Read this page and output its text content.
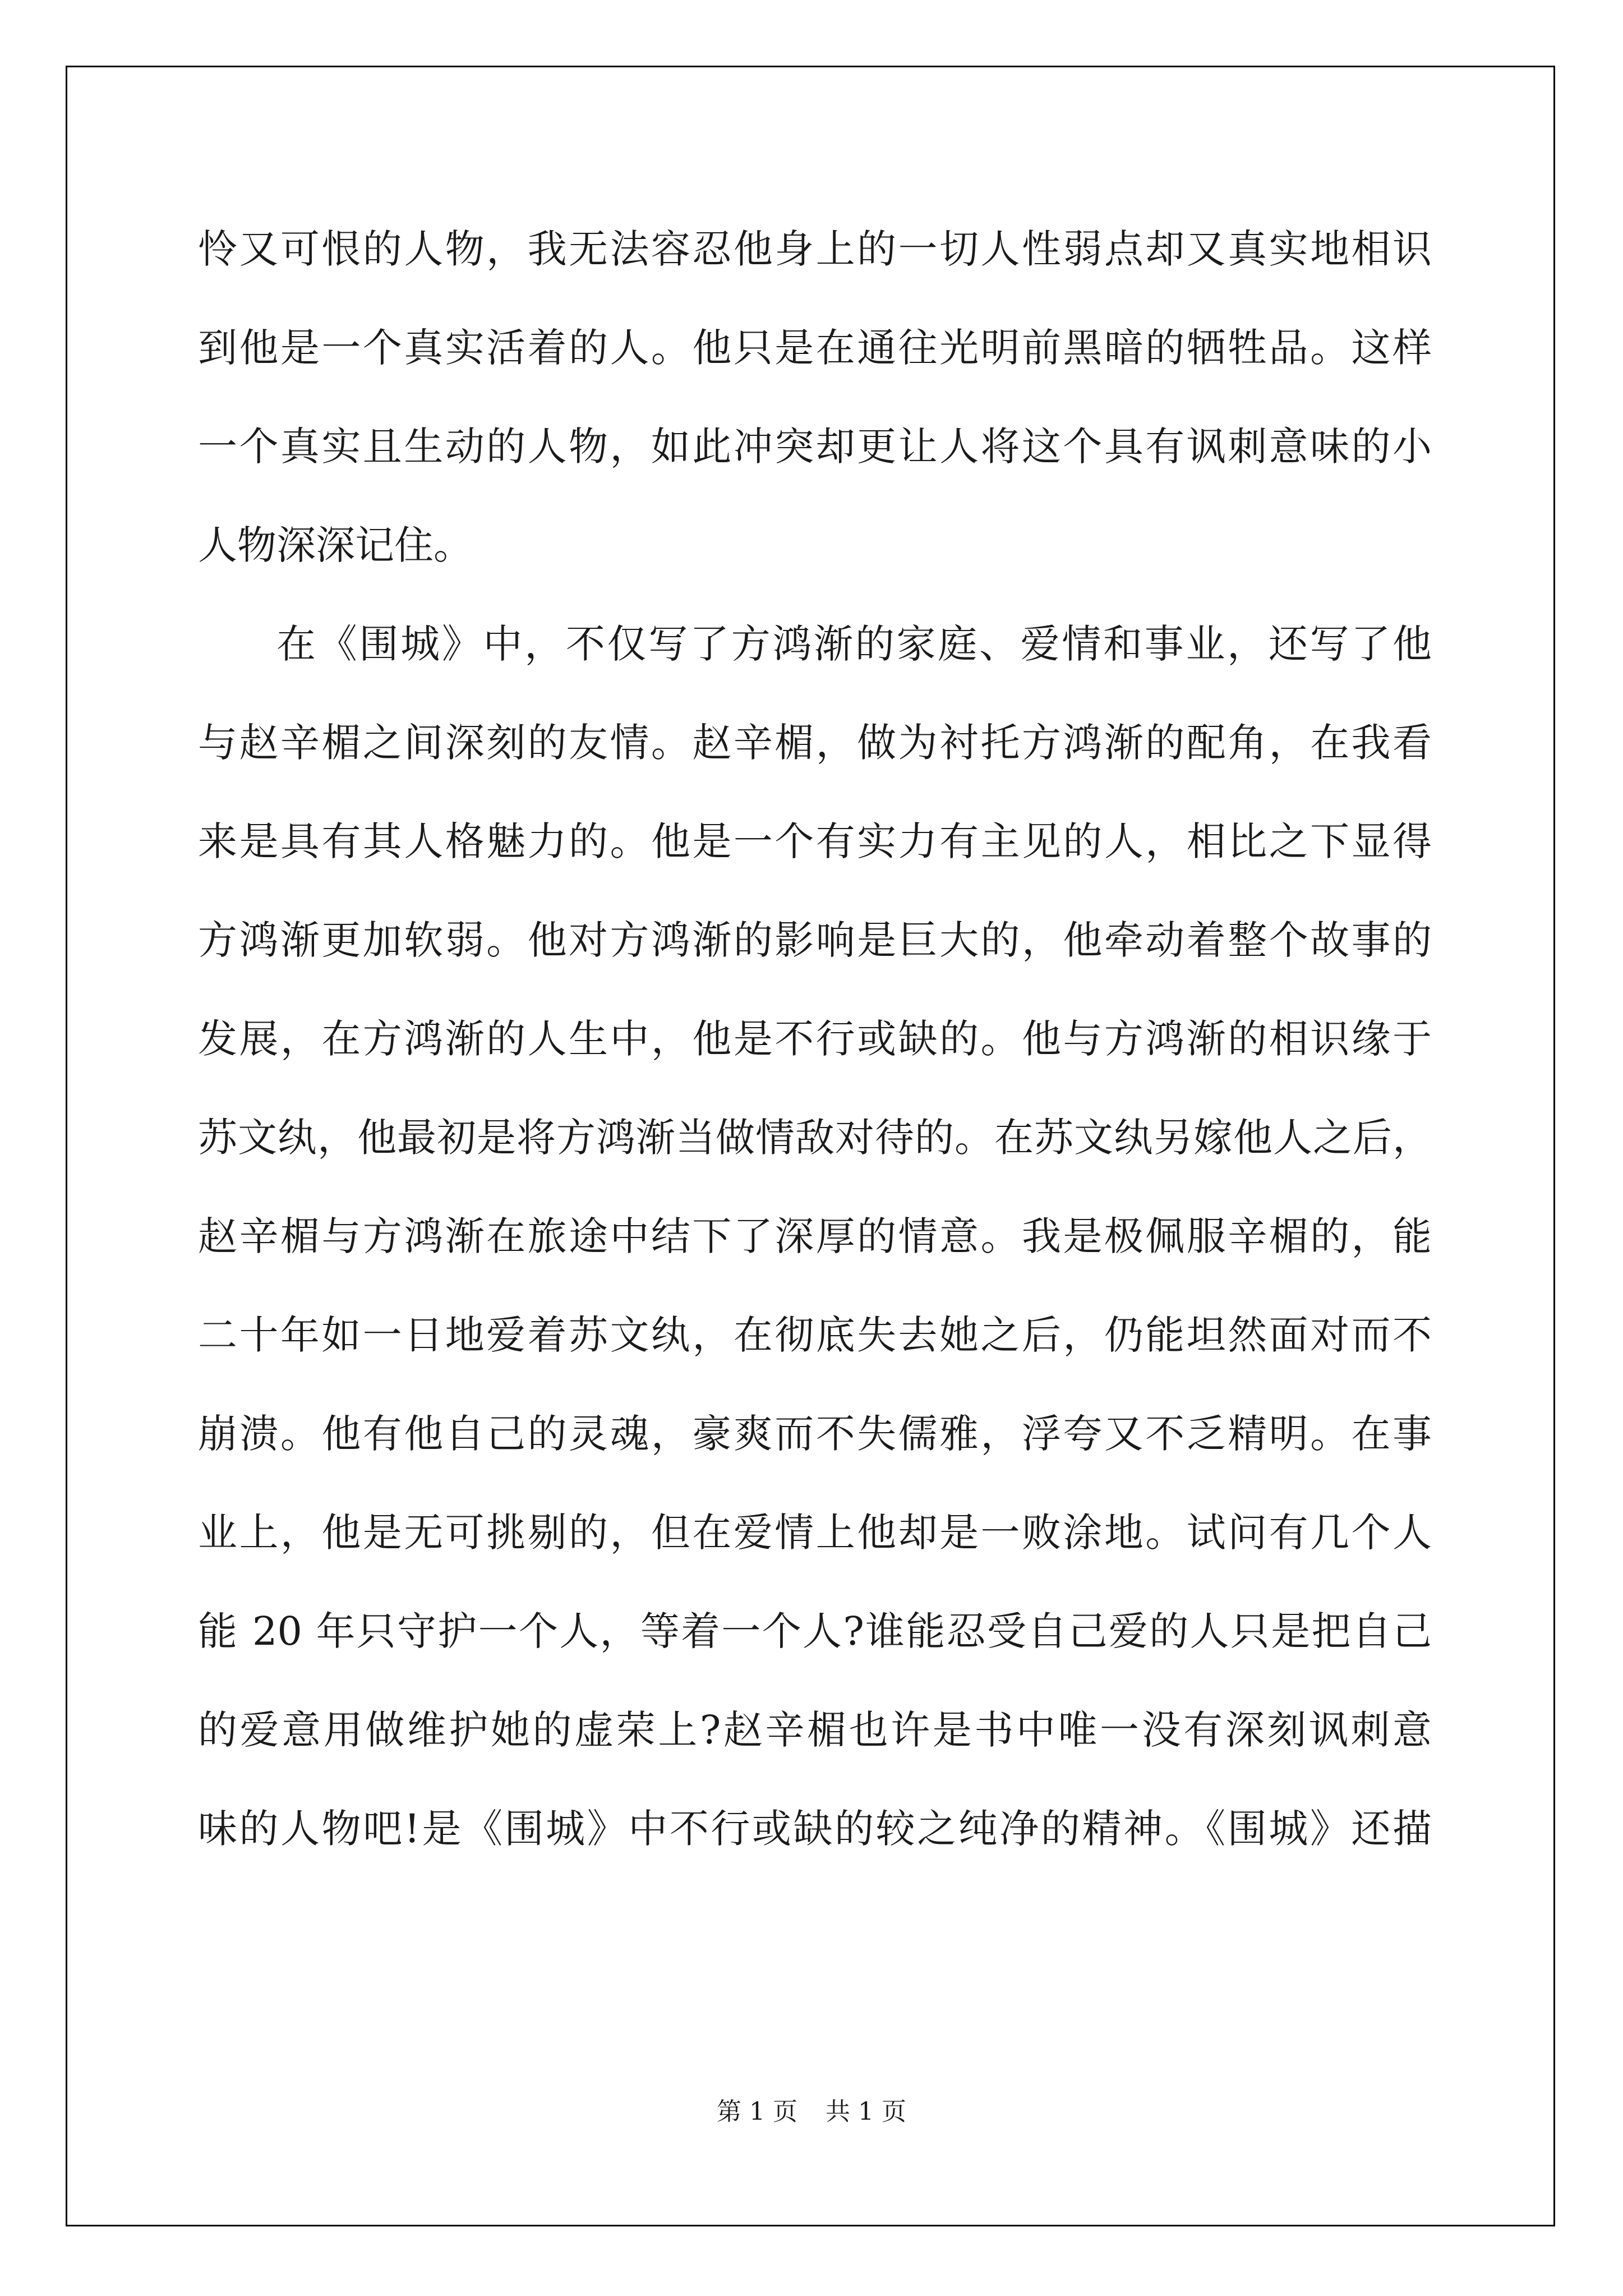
怜又可恨的人物，我无法容忍他身上的一切人性弱点却又真实地相识
到他是一个真实活着的人。他只是在通往光明前黑暗的牺牲品。这样
一个真实且生动的人物，如此冲突却更让人将这个具有讽刺意味的小
人物深深记住。
在《围城》中，不仅写了方鸿渐的家庭、爱情和事业，还写了他
与赵辛楣之间深刻的友情。赵辛楣，做为衬托方鸿渐的配角，在我看
来是具有其人格魅力的。他是一个有实力有主见的人，相比之下显得
方鸿渐更加软弱。他对方鸿渐的影响是巨大的，他牵动着整个故事的
发展，在方鸿渐的人生中，他是不行或缺的。他与方鸿渐的相识缘于
苏文纨，他最初是将方鸿渐当做情敌对待的。在苏文纨另嫁他人之后，
赵辛楣与方鸿渐在旅途中结下了深厚的情意。我是极佩服辛楣的，能
二十年如一日地爱着苏文纨，在彻底失去她之后，仍能坦然面对而不
崩溃。他有他自己的灵魂，豪爽而不失儒雅，浮夸又不乏精明。在事
业上，他是无可挑剔的，但在爱情上他却是一败涂地。试问有几个人
能 20 年只守护一个人，等着一个人?谁能忍受自己爱的人只是把自己
的爱意用做维护她的虚荣上?赵辛楣也许是书中唯一没有深刻讽刺意
味的人物吧!是《围城》中不行或缺的较之纯净的精神。《围城》还描
第 1 页 共 1 页
